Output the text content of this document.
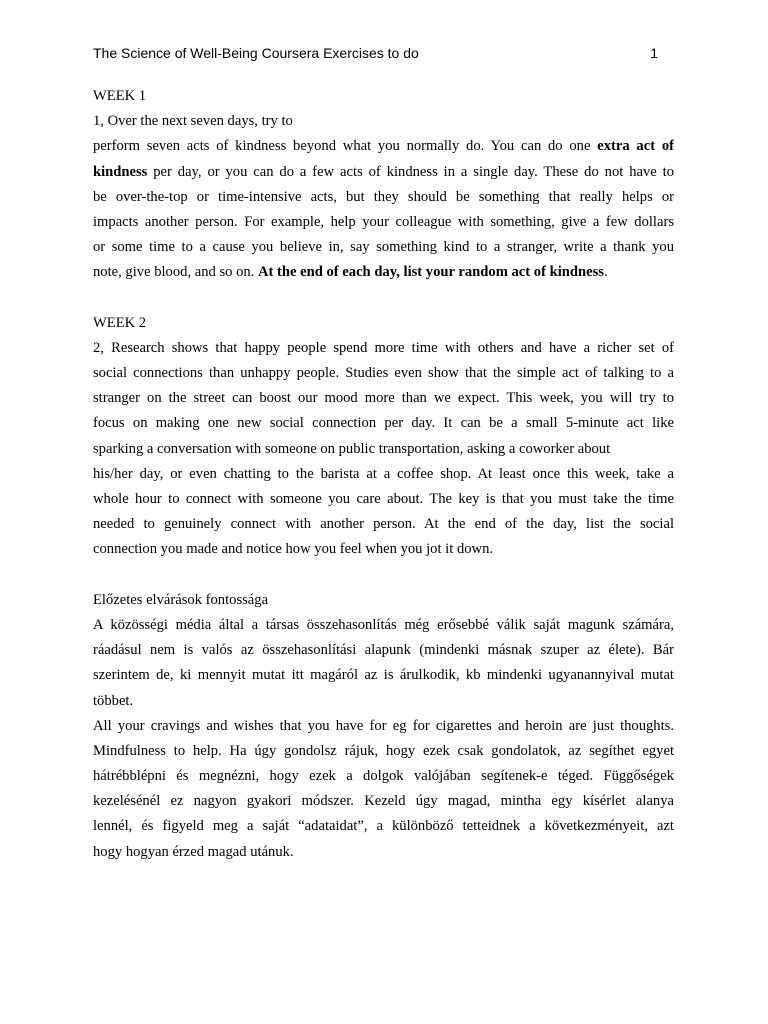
The Science of Well-Being Coursera Exercises to do	1
WEEK 1
1, Over the next seven days, try to
perform seven acts of kindness beyond what you normally do. You can do one extra act of
kindness per day, or you can do a few acts of kindness in a single day. These do not have to
be over-the-top or time-intensive acts, but they should be something that really helps or
impacts another person. For example, help your colleague with something, give a few dollars
or some time to a cause you believe in, say something kind to a stranger, write a thank you
note, give blood, and so on. At the end of each day, list your random act of kindness.
WEEK 2
2, Research shows that happy people spend more time with others and have a richer set of
social connections than unhappy people. Studies even show that the simple act of talking to a
stranger on the street can boost our mood more than we expect. This week, you will try to
focus on making one new social connection per day. It can be a small 5-minute act like
sparking a conversation with someone on public transportation, asking a coworker about
his/her day, or even chatting to the barista at a coffee shop. At least once this week, take a
whole hour to connect with someone you care about. The key is that you must take the time
needed to genuinely connect with another person. At the end of the day, list the social
connection you made and notice how you feel when you jot it down.
Előzetes elvárások fontossága
A közösségi média által a társas összehasonlítás még erősebbé válik saját magunk számára,
ráadásul nem is valós az összehasonlítási alapunk (mindenki másnak szuper az élete). Bár
szerintem de, ki mennyit mutat itt magáról az is árulkodik, kb mindenki ugyanannyival mutat
többet.
All your cravings and wishes that you have for eg for cigarettes and heroin are just thoughts.
Mindfulness to help. Ha úgy gondolsz rájuk, hogy ezek csak gondolatok, az segíthet egyet
hátrébblépni és megnézni, hogy ezek a dolgok valójában segítenek-e téged. Függőségek
kezelésénél ez nagyon gyakori módszer. Kezeld úgy magad, mintha egy kísérlet alanya
lennél, és figyeld meg a saját “adataidat”, a különböző tetteidnek a következményeit, azt
hogy hogyan érzed magad utánuk.
